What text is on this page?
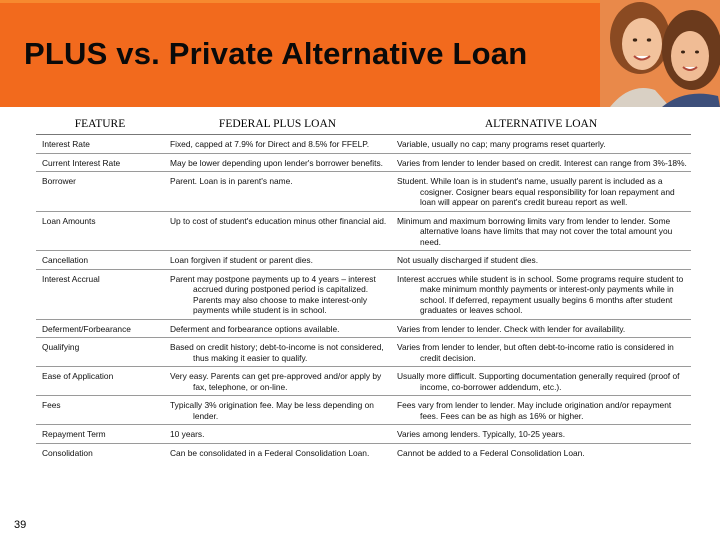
PLUS vs. Private Alternative Loan
FEATURE	FEDERAL PLUS LOAN	ALTERNATIVE LOAN
Interest Rate	Fixed, capped at 7.9% for Direct and 8.5% for FFELP.	Variable, usually no cap; many programs reset quarterly.

Current Interest Rate	May be lower depending upon lender's borrower benefits.	Varies from lender to lender based on credit. Interest can range from 3%-18%.

Borrower	Parent. Loan is in parent's name.	Student. While loan is in student's name, usually parent is included as a cosigner. Cosigner bears equal responsibility for loan repayment and loan will appear on parent's credit bureau report as well.

Loan Amounts	Up to cost of student's education minus other financial aid.	Minimum and maximum borrowing limits vary from lender to lender. Some alternative loans have limits that may not cover the total amount you need.

Cancellation	Loan forgiven if student or parent dies.	Not usually discharged if student dies.

Interest Accrual	Parent may postpone payments up to 4 years – interest accrued during postponed period is capitalized. Parents may also choose to make interest-only payments while student is in school.	Interest accrues while student is in school. Some programs require student to make minimum monthly payments or interest-only payments while in school. If deferred, repayment usually begins 6 months after student graduates or leaves school.

Deferment/Forbearance	Deferment and forbearance options available.	Varies from lender to lender. Check with lender for availability.

Qualifying	Based on credit history; debt-to-income is not considered, thus making it easier to qualify.	Varies from lender to lender, but often debt-to-income ratio is considered in credit decision.

Ease of Application	Very easy. Parents can get pre-approved and/or apply by fax, telephone, or on-line.	Usually more difficult. Supporting documentation generally required (proof of income, co-borrower addendum, etc.).

Fees	Typically 3% origination fee. May be less depending on lender.	Fees vary from lender to lender. May include origination and/or repayment fees. Fees can be as high as 16% or higher.

Repayment Term	10 years.	Varies among lenders. Typically, 10-25 years.

Consolidation	Can be consolidated in a Federal Consolidation Loan.	Cannot be added to a Federal Consolidation Loan.
39
